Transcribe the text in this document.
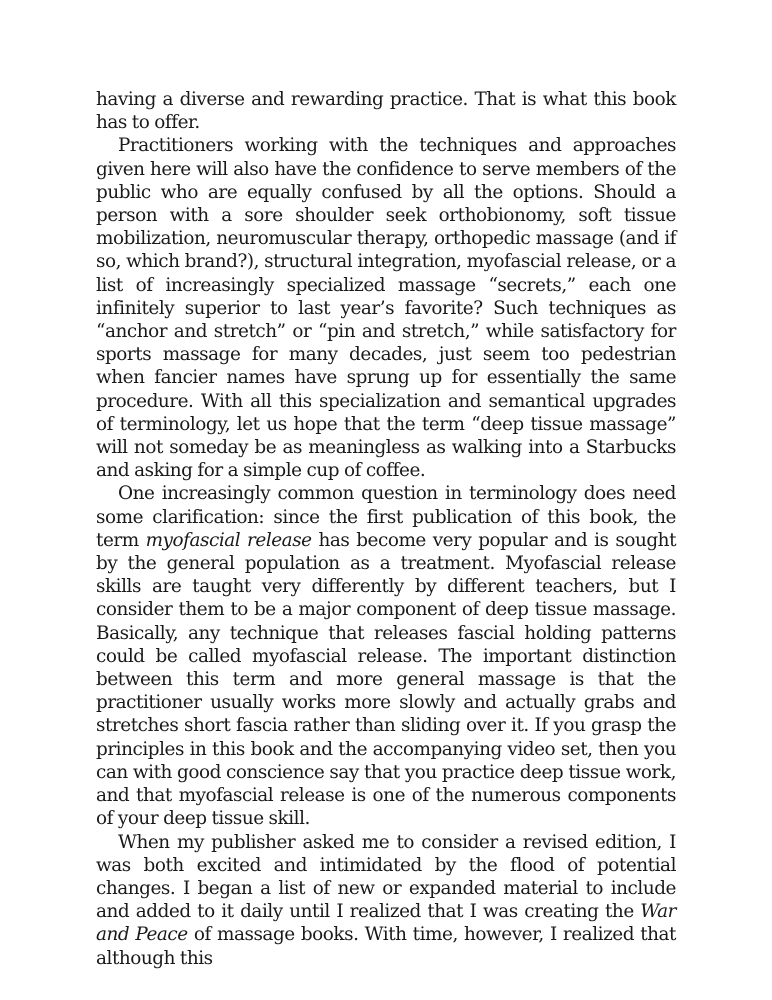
having a diverse and rewarding practice. That is what this book has to offer.

Practitioners working with the techniques and approaches given here will also have the confidence to serve members of the public who are equally confused by all the options. Should a person with a sore shoulder seek orthobionomy, soft tissue mobilization, neuromuscular therapy, orthopedic massage (and if so, which brand?), structural integration, myofascial release, or a list of increasingly specialized massage “secrets,” each one infinitely superior to last year’s favorite? Such techniques as “anchor and stretch” or “pin and stretch,” while satisfactory for sports massage for many decades, just seem too pedestrian when fancier names have sprung up for essentially the same procedure. With all this specialization and semantical upgrades of terminology, let us hope that the term “deep tissue massage” will not someday be as meaningless as walking into a Starbucks and asking for a simple cup of coffee.

One increasingly common question in terminology does need some clarification: since the first publication of this book, the term myofascial release has become very popular and is sought by the general population as a treatment. Myofascial release skills are taught very differently by different teachers, but I consider them to be a major component of deep tissue massage. Basically, any technique that releases fascial holding patterns could be called myofascial release. The important distinction between this term and more general massage is that the practitioner usually works more slowly and actually grabs and stretches short fascia rather than sliding over it. If you grasp the principles in this book and the accompanying video set, then you can with good conscience say that you practice deep tissue work, and that myofascial release is one of the numerous components of your deep tissue skill.

When my publisher asked me to consider a revised edition, I was both excited and intimidated by the flood of potential changes. I began a list of new or expanded material to include and added to it daily until I realized that I was creating the War and Peace of massage books. With time, however, I realized that although this
